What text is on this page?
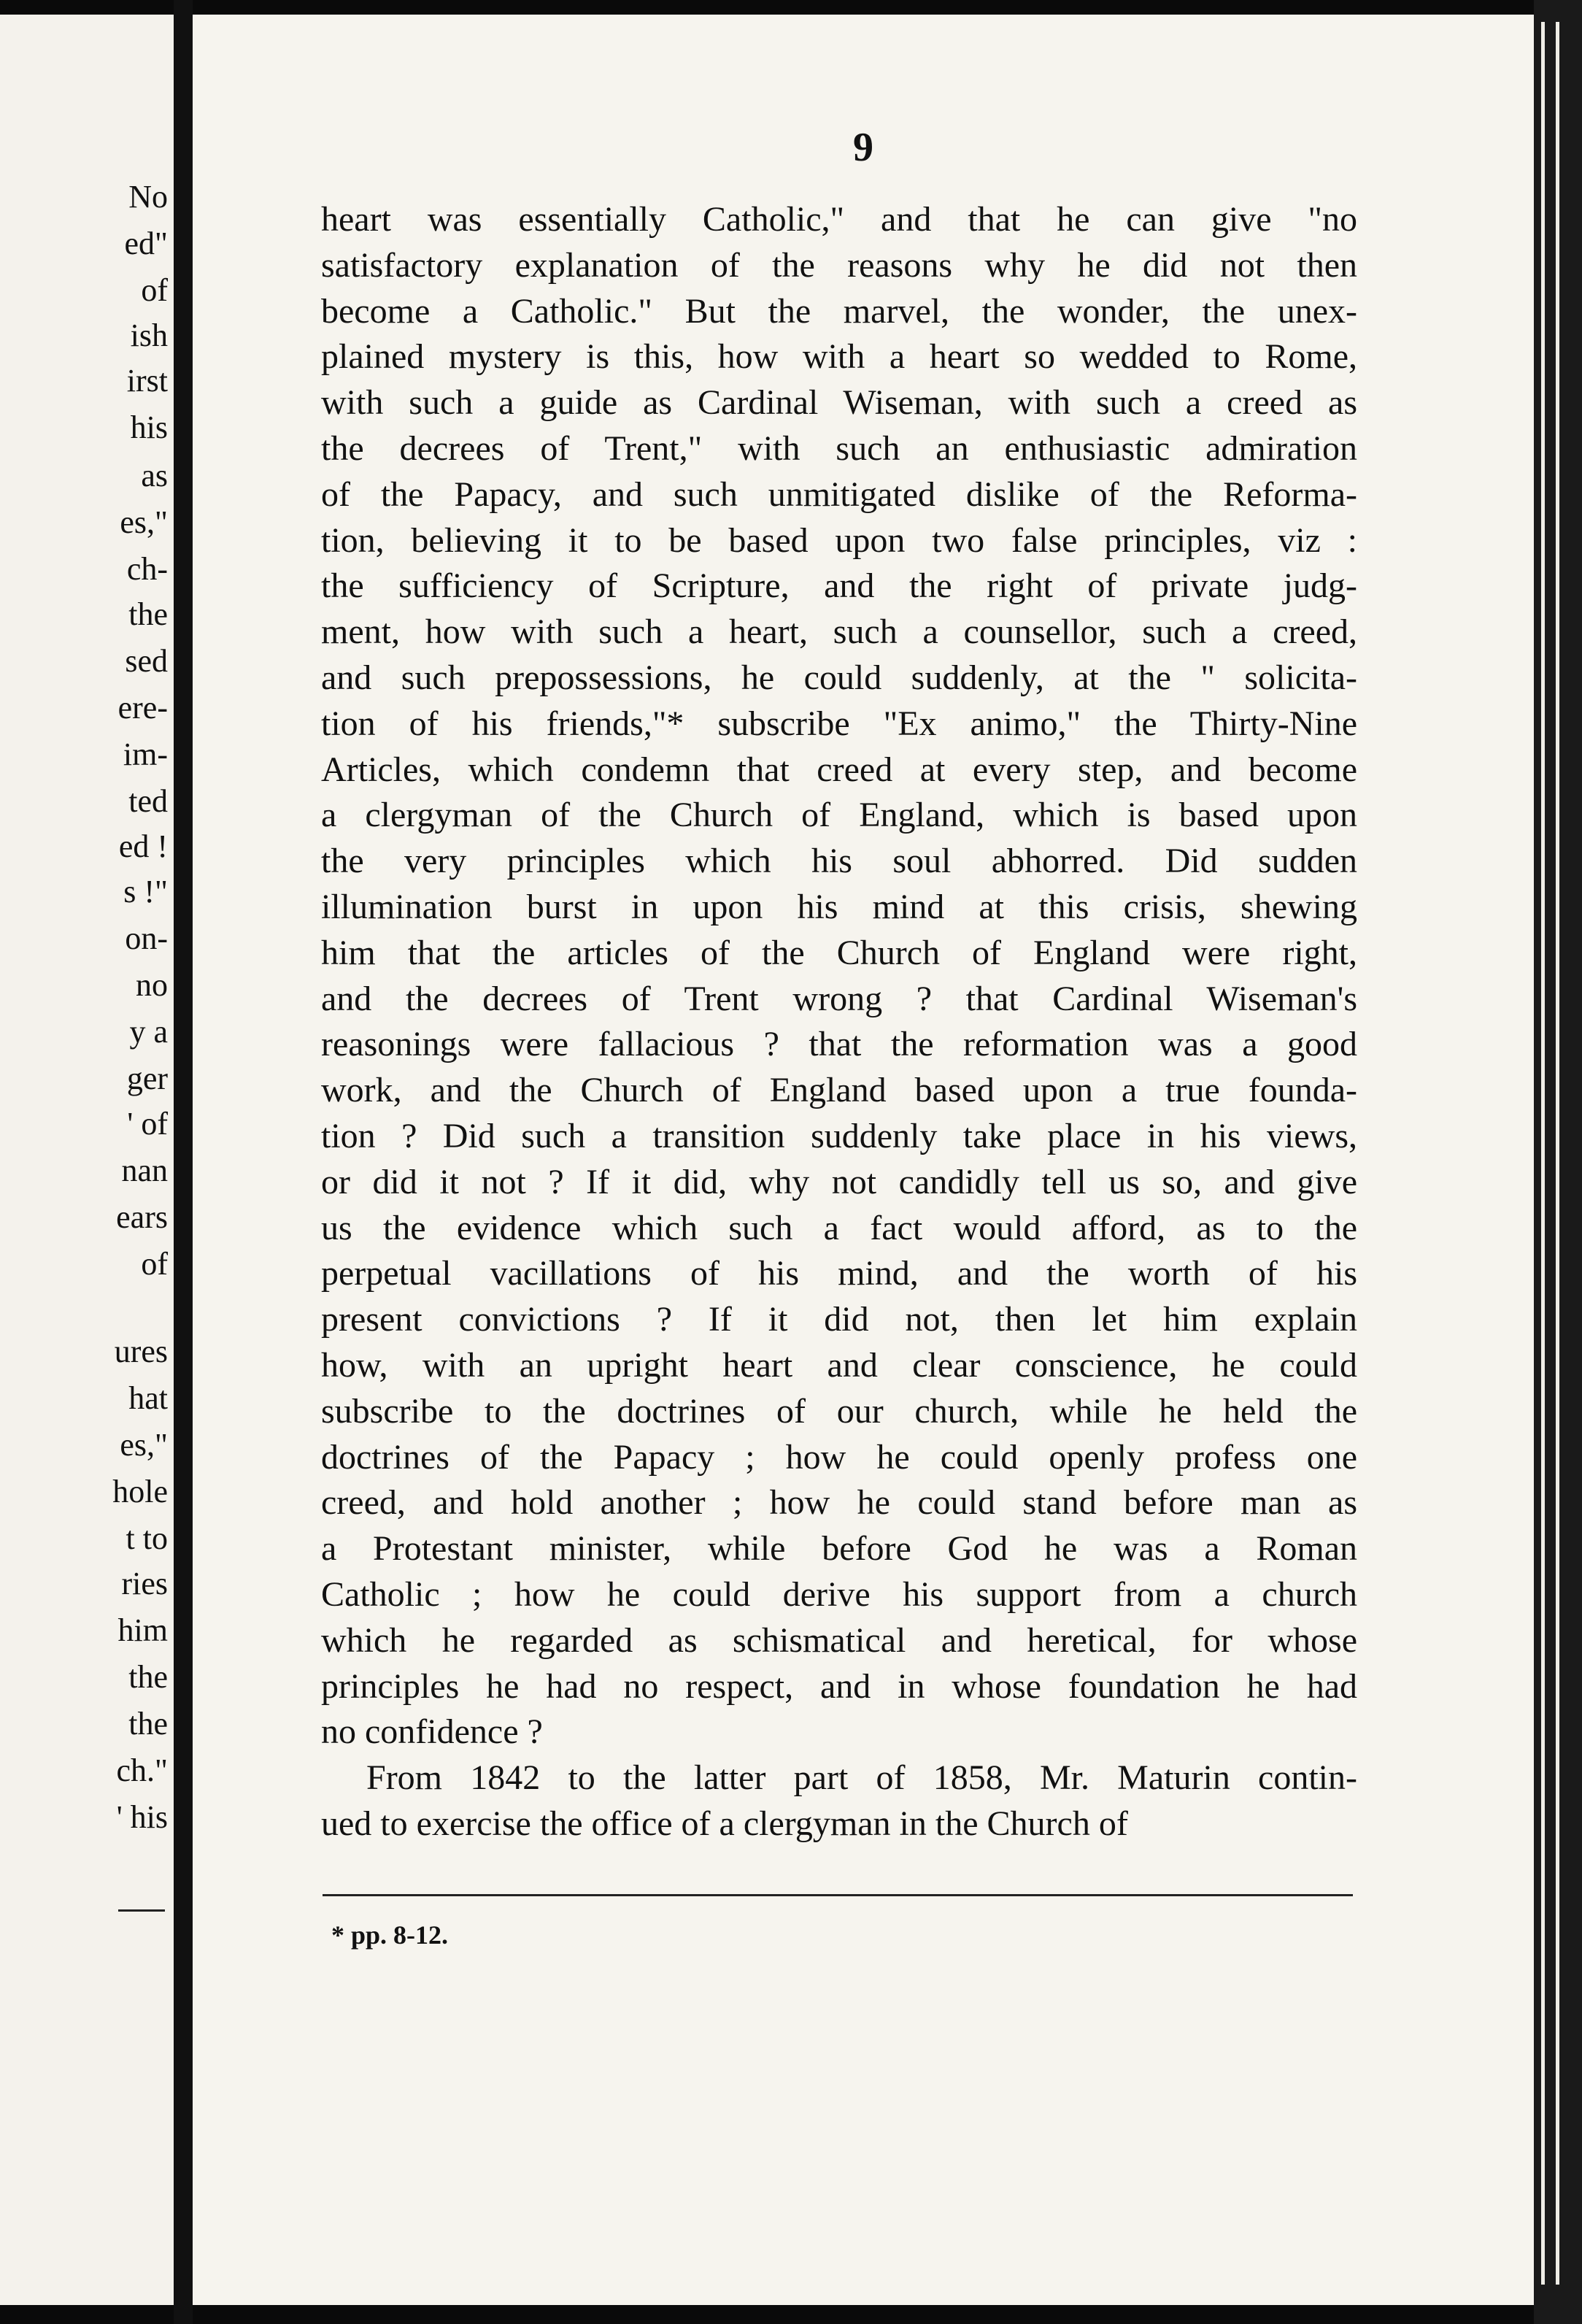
No
ed"
of
ish
irst
his
as
es,"
ch-
the
sed
ere-
im-
ted
ed !
s !"
on-
no
y a
ger
' of
nan
ears
of
ures
hat
es,"
hole
t to
ries
him
the
the
ch."
' his
9
heart was essentially Catholic," and that he can give "no
satisfactory explanation of the reasons why he did not then
become a Catholic." But the marvel, the wonder, the unex-
plained mystery is this, how with a heart so wedded to Rome,
with such a guide as Cardinal Wiseman, with such a creed as
the decrees of Trent," with such an enthusiastic admiration
of the Papacy, and such unmitigated dislike of the Reforma-
tion, believing it to be based upon two false principles, viz :
the sufficiency of Scripture, and the right of private judg-
ment, how with such a heart, such a counsellor, such a creed,
and such prepossessions, he could suddenly, at the " solicita-
tion of his friends,"* subscribe "Ex animo," the Thirty-Nine
Articles, which condemn that creed at every step, and become
a clergyman of the Church of England, which is based upon
the very principles which his soul abhorred. Did sudden
illumination burst in upon his mind at this crisis, shewing
him that the articles of the Church of England were right,
and the decrees of Trent wrong ? that Cardinal Wiseman's
reasonings were fallacious ? that the reformation was a good
work, and the Church of England based upon a true founda-
tion ? Did such a transition suddenly take place in his views,
or did it not ? If it did, why not candidly tell us so, and give
us the evidence which such a fact would afford, as to the
perpetual vacillations of his mind, and the worth of his
present convictions ? If it did not, then let him explain
how, with an upright heart and clear conscience, he could
subscribe to the doctrines of our church, while he held the
doctrines of the Papacy ; how he could openly profess one
creed, and hold another ; how he could stand before man as
a Protestant minister, while before God he was a Roman
Catholic ; how he could derive his support from a church
which he regarded as schismatical and heretical, for whose
principles he had no respect, and in whose foundation he had
no confidence ?
From 1842 to the latter part of 1858, Mr. Maturin contin-
ued to exercise the office of a clergyman in the Church of
* pp. 8-12.
